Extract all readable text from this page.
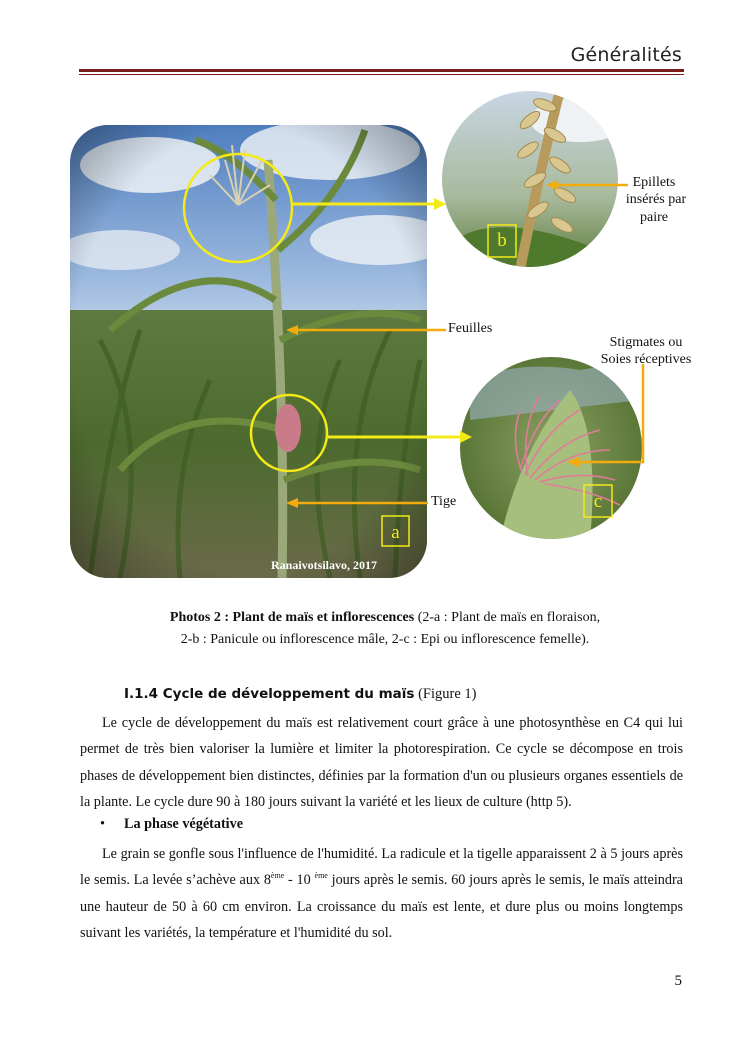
Généralités
a
b
c
Ranaivotsilavo, 2017
Epillets
insérés par
paire
Feuilles
Stigmates ou
Soies réceptives
Tige
Photos 2 : Plant de maïs et inflorescences (2-a : Plant de maïs en floraison,
2-b : Panicule ou inflorescence mâle, 2-c : Epi ou inflorescence femelle).
I.1.4 Cycle de développement du maïs (Figure 1)
Le cycle de développement du maïs est relativement court grâce à une photosynthèse en C4 qui lui permet de très bien valoriser la lumière et limiter la photorespiration. Ce cycle se décompose en trois phases de développement bien distinctes, définies par la formation d'un ou plusieurs organes essentiels de la plante. Le cycle dure 90 à 180 jours suivant la variété et les lieux de culture (http 5).
• La phase végétative
Le grain se gonfle sous l'influence de l'humidité. La radicule et la tigelle apparaissent 2 à 5 jours après le semis. La levée s’achève aux 8ème - 10 $^{ème}$ jours après le semis. 60 jours après le semis, le maïs atteindra une hauteur de 50 à 60 cm environ. La croissance du maïs est lente, et dure plus ou moins longtemps suivant les variétés, la température et l'humidité du sol.
5
